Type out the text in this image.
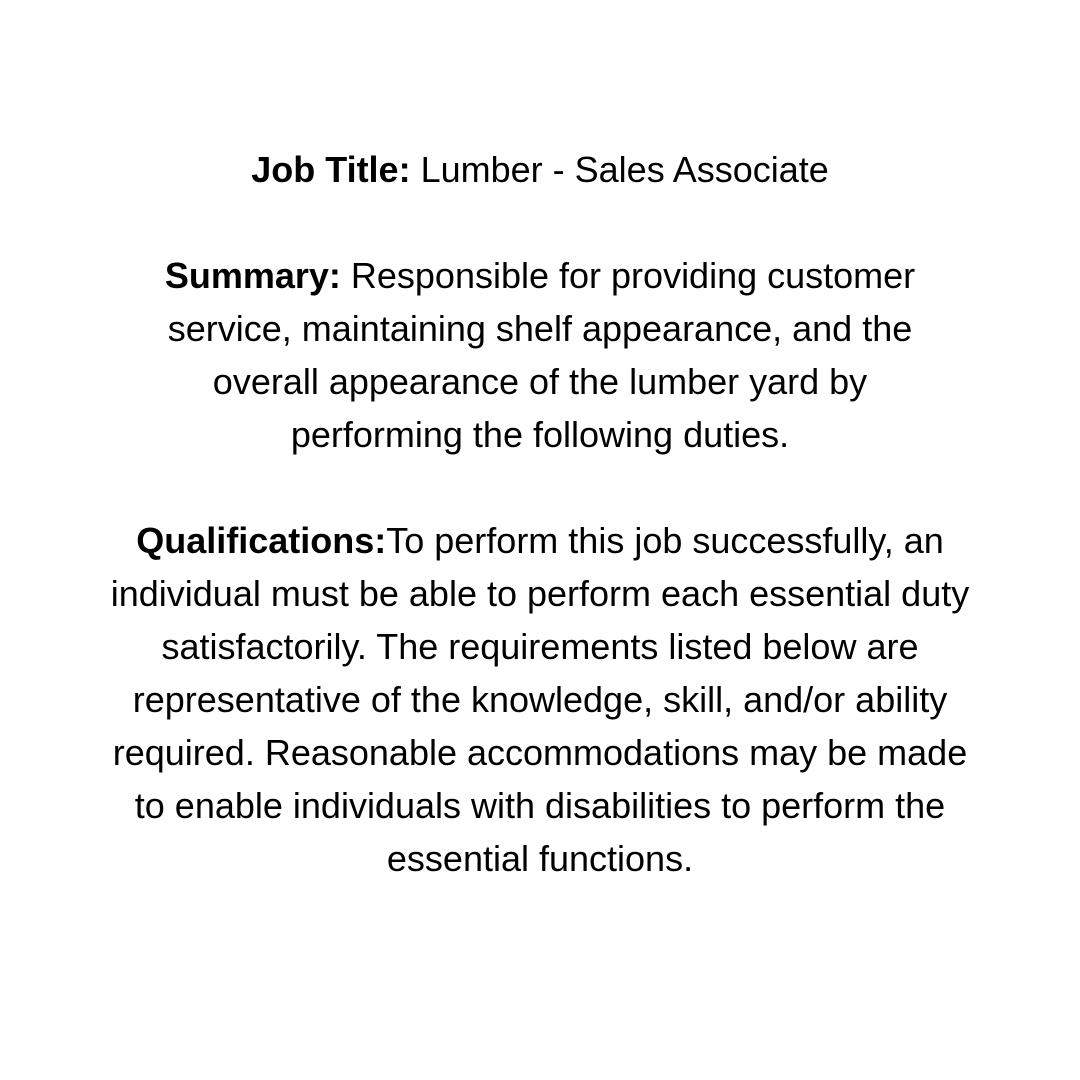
Job Title: Lumber - Sales Associate

Summary: Responsible for providing customer service, maintaining shelf appearance, and the overall appearance of the lumber yard by performing the following duties.

Qualifications:To perform this job successfully, an individual must be able to perform each essential duty satisfactorily. The requirements listed below are representative of the knowledge, skill, and/or ability required. Reasonable accommodations may be made to enable individuals with disabilities to perform the essential functions.
